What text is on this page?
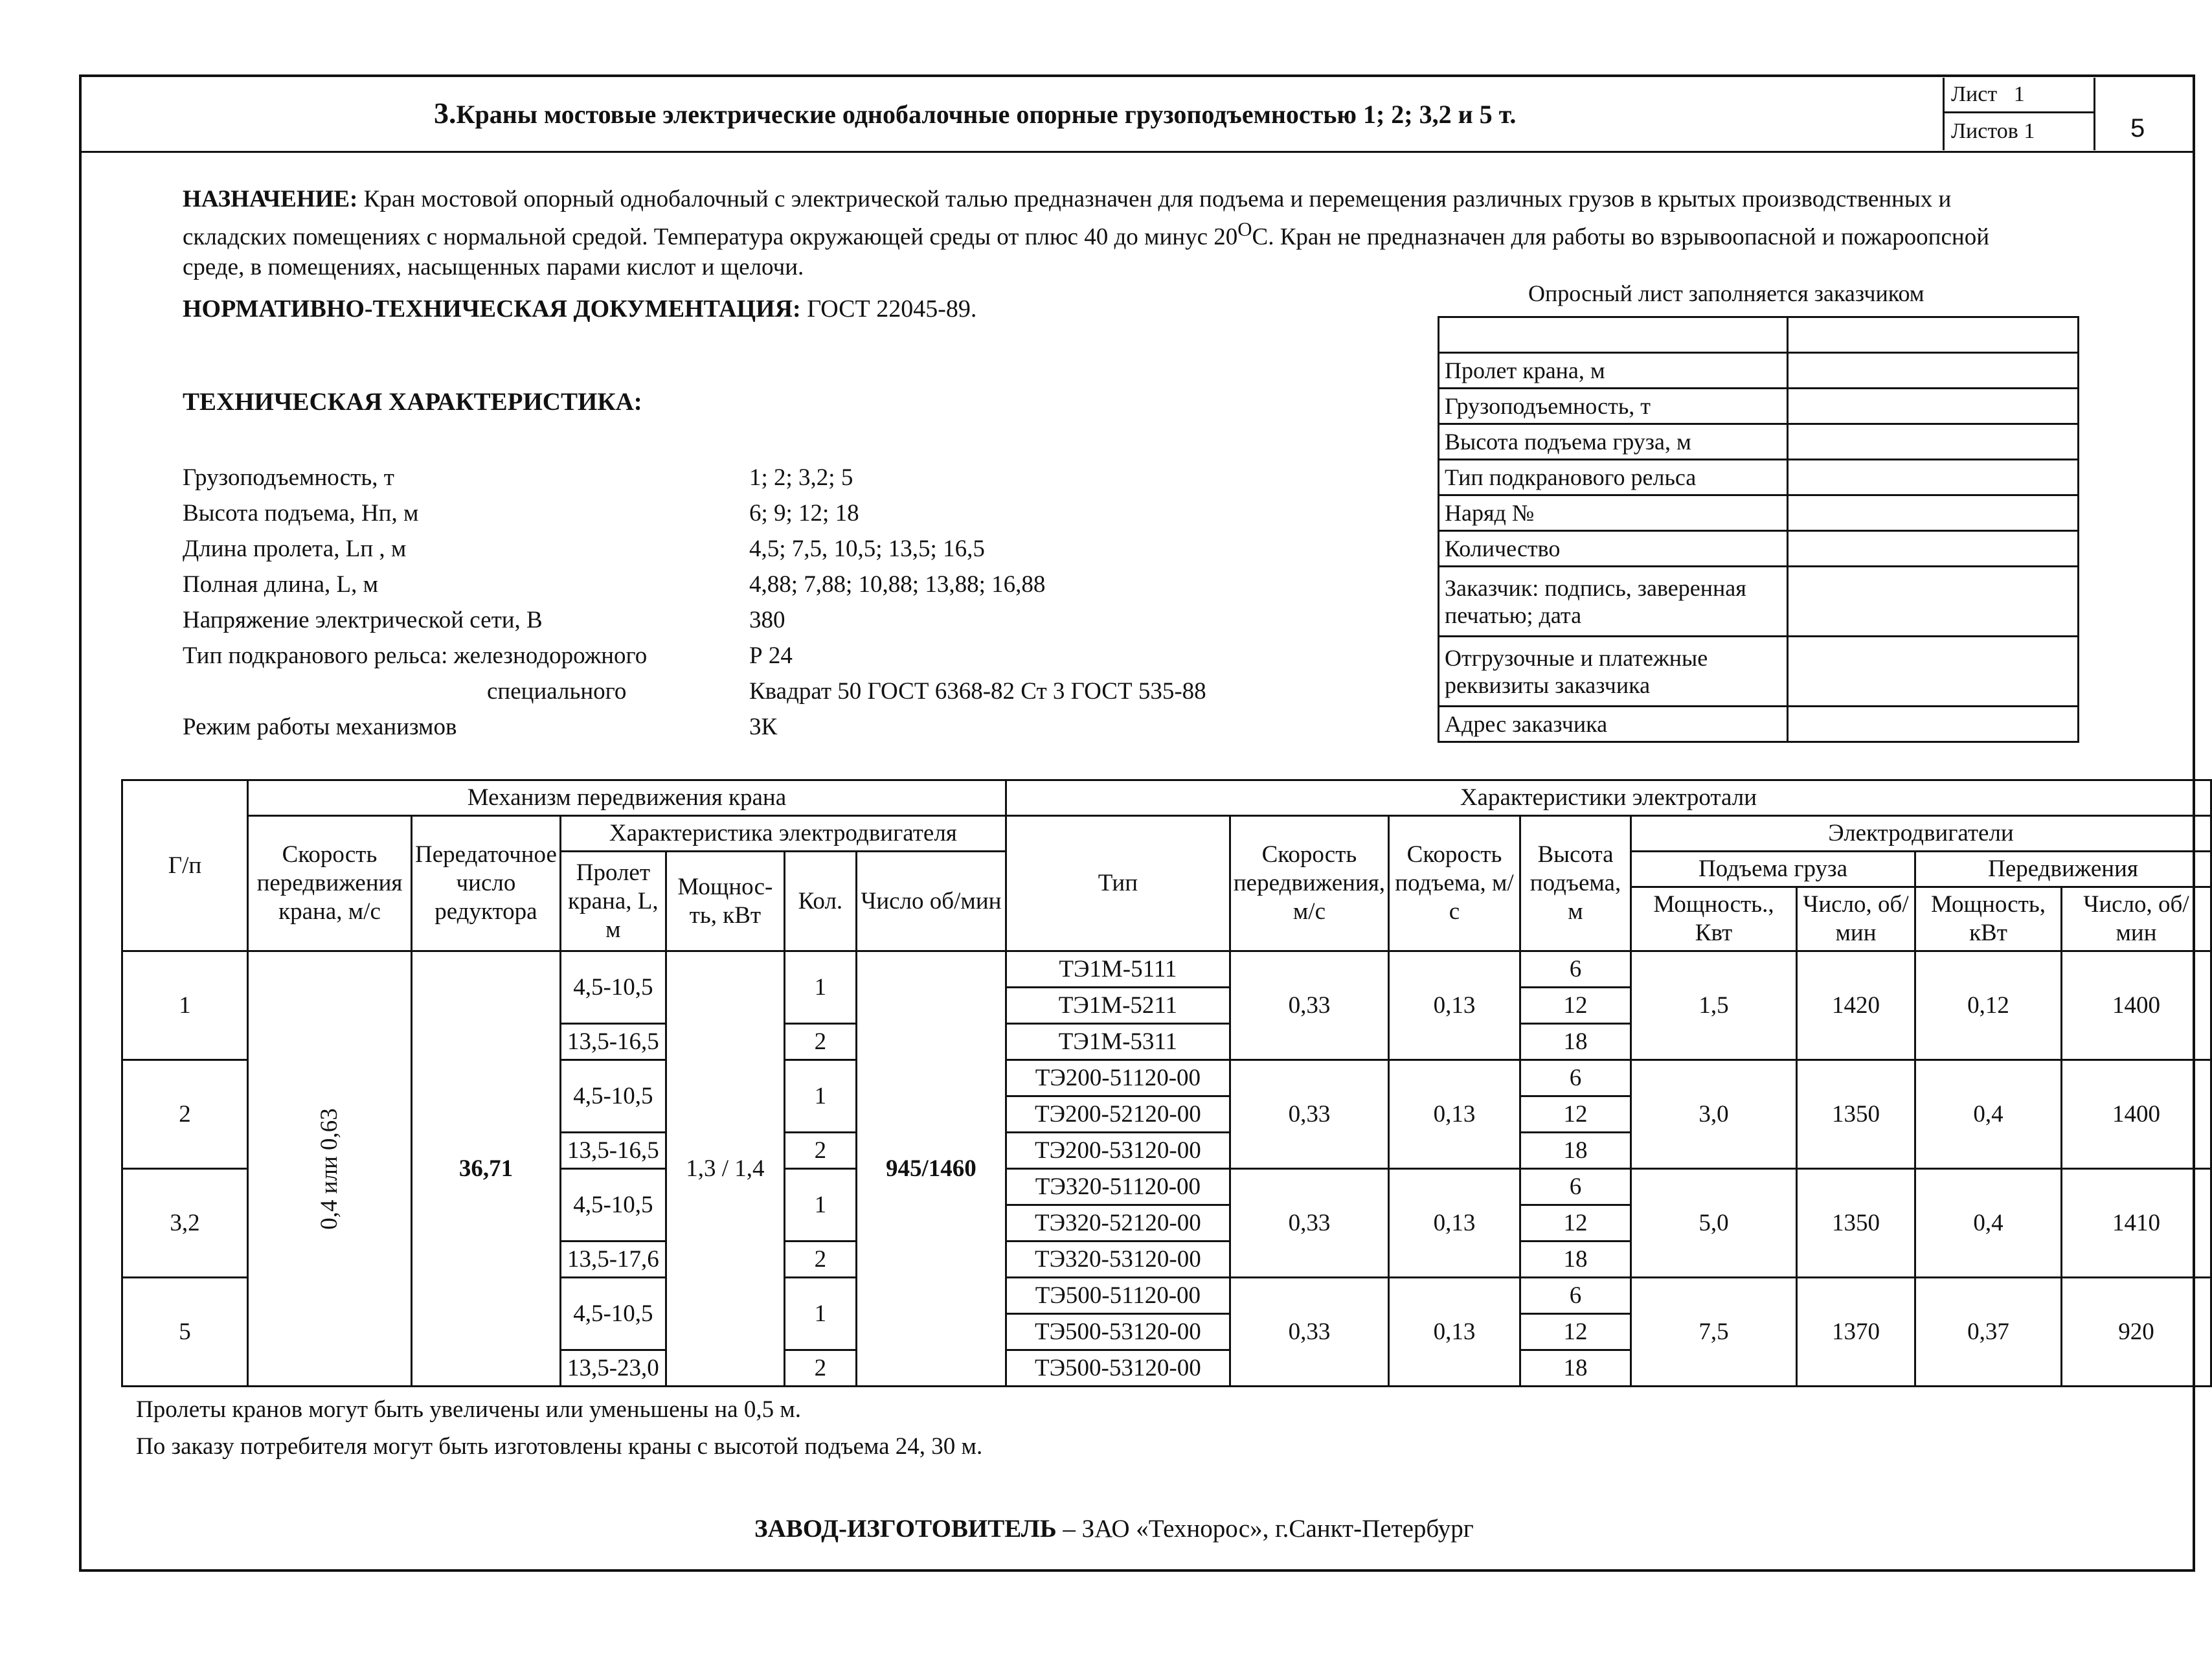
3.Краны мостовые электрические однобалочные опорные грузоподъемностью 1; 2; 3,2 и 5 т.
Лист 1
Листов 1	5
НАЗНАЧЕНИЕ: Кран мостовой опорный однобалочный с электрической талью предназначен для подъема и перемещения различных грузов в крытых производственных и складских помещениях с нормальной средой. Температура окружающей среды от плюс 40 до минус $20^ОС$. Кран не предназначен для работы во взрывоопасной и пожароопсной среде, в помещениях, насыщенных парами кислот и щелочи.
НОРМАТИВНО-ТЕХНИЧЕСКАЯ ДОКУМЕНТАЦИЯ: ГОСТ 22045-89.
ТЕХНИЧЕСКАЯ ХАРАКТЕРИСТИКА:
Грузоподъемность, т	1; 2; 3,2; 5
Высота подъема, Нп, м	6; 9; 12; 18
Длина пролета, Lп , м	4,5; 7,5, 10,5; 13,5; 16,5
Полная длина, L, м	4,88; 7,88; 10,88; 13,88; 16,88
Напряжение электрической сети, В	380
Тип подкранового рельса: железнодорожного	Р 24
специального	Квадрат 50 ГОСТ 6368-82 Ст 3 ГОСТ 535-88
Режим работы механизмов	3К
Опросный лист заполняется заказчиком

Пролет крана, м	
Грузоподъемность, т	
Высота подъема груза, м	
Тип подкранового рельса	
Наряд №	
Количество	
Заказчик: подпись, заверенная печатью; дата	
Отгрузочные и платежные реквизиты заказчика	
Адрес заказчика	
Г/п	Механизм передвижения крана						Характеристики электротали							
	Скорость передвижения крана, м/с	Передаточное число редуктора	Характеристика электродвигателя				Тип	Скорость передвижения, м/с	Скорость подъема, м/с	Высота подъема, м	Электродвигатели			
			Пролет крана, L, м	Мощнос-ть, кВт	Кол.	Число об/мин					Подъема груза		Передвижения	
											Мощность., Квт	Число, об/мин	Мощность, кВт	Число, об/мин
1	0,4 или 0,63	36,71	4,5-10,5	1,3 / 1,4	1	945/1460	ТЭ1М-5111	0,33	0,13	6	1,5	1420	0,12	1400
							ТЭ1М-5211			12				
			13,5-16,5		2		ТЭ1М-5311			18				
2			4,5-10,5		1		ТЭ200-51120-00	0,33	0,13	6	3,0	1350	0,4	1400
							ТЭ200-52120-00			12				
			13,5-16,5		2		ТЭ200-53120-00			18				
3,2			4,5-10,5		1		ТЭ320-51120-00	0,33	0,13	6	5,0	1350	0,4	1410
							ТЭ320-52120-00			12				
			13,5-17,6		2		ТЭ320-53120-00			18				
5			4,5-10,5		1		ТЭ500-51120-00	0,33	0,13	6	7,5	1370	0,37	920
							ТЭ500-53120-00			12				
			13,5-23,0		2		ТЭ500-53120-00			18				
Пролеты кранов могут быть увеличены или уменьшены на 0,5 м.
По заказу потребителя могут быть изготовлены краны с высотой подъема 24, 30 м.
ЗАВОД-ИЗГОТОВИТЕЛЬ – ЗАО «Технорос», г.Санкт-Петербург
